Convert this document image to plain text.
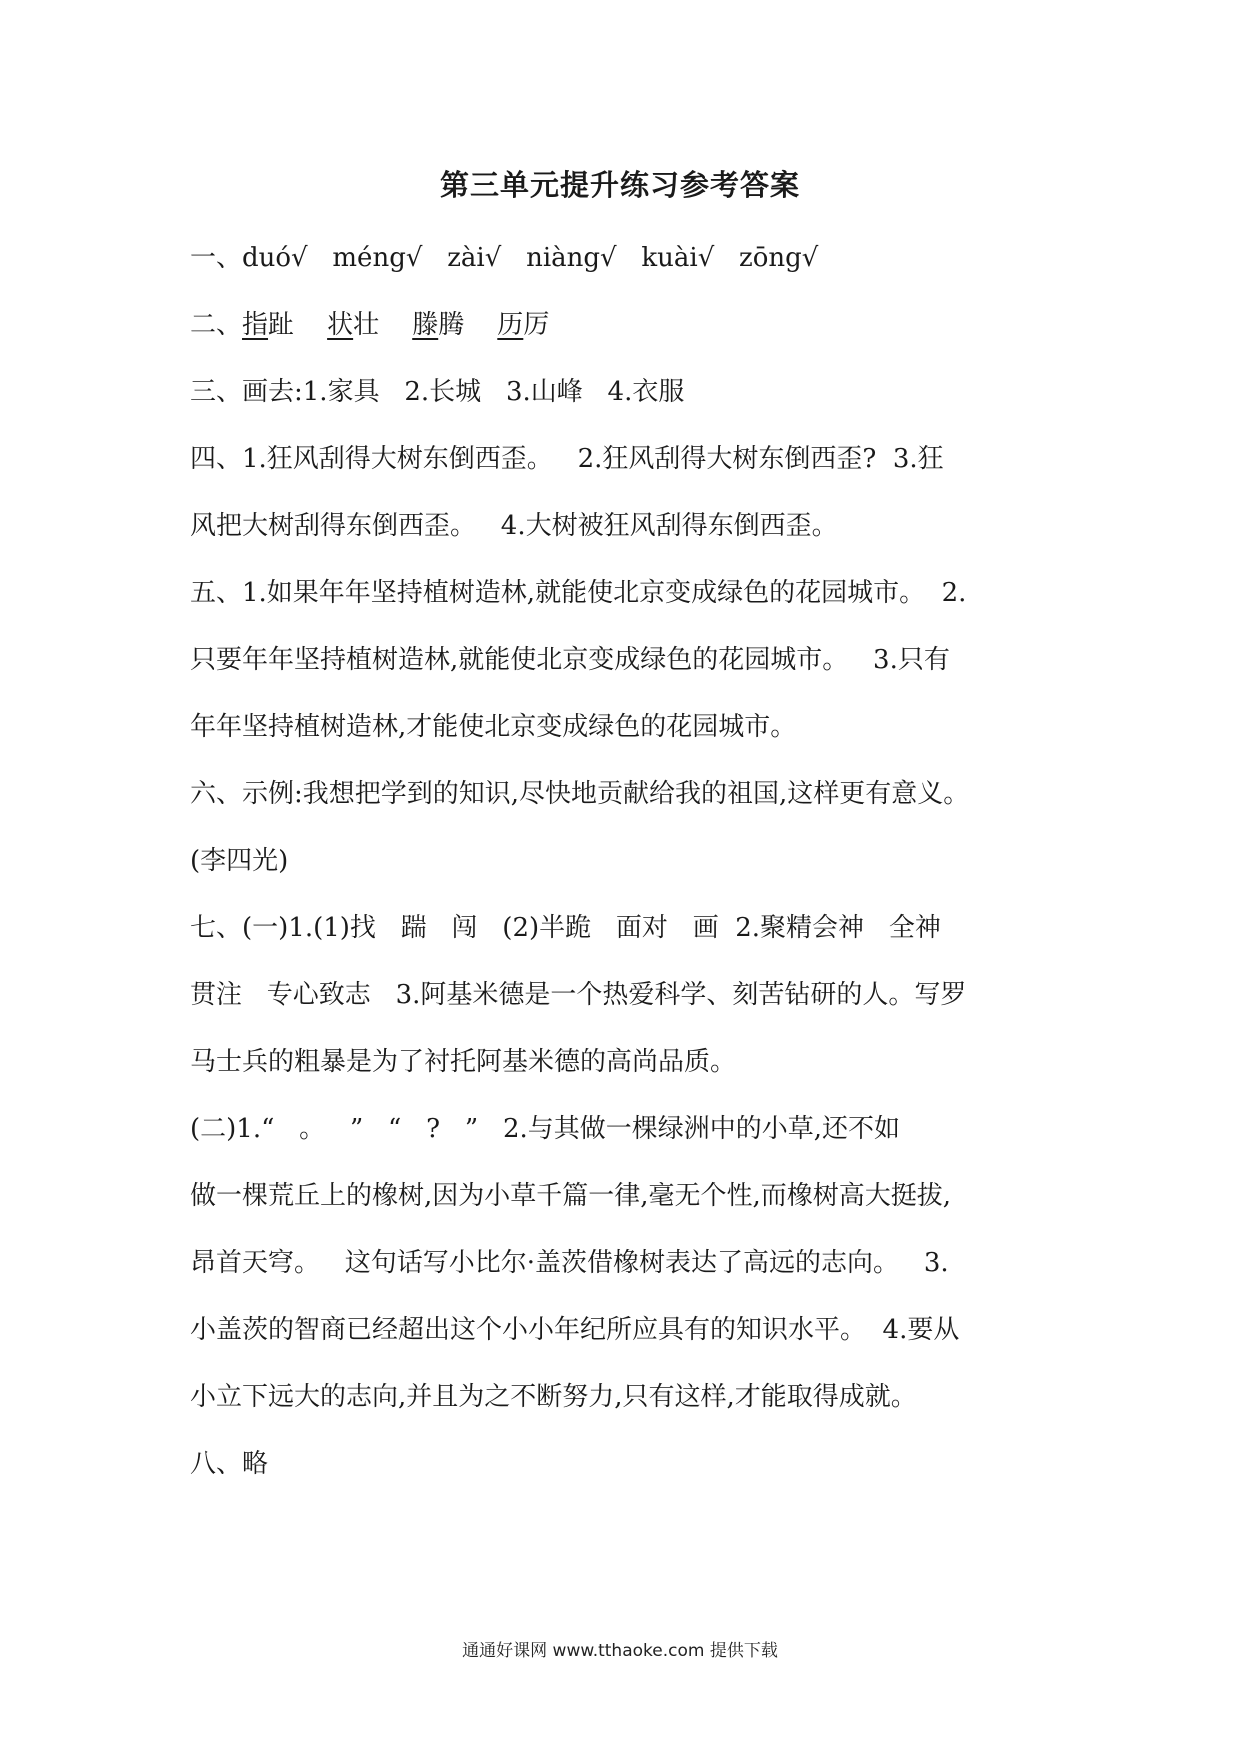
第三单元提升练习参考答案
一、duó√   méng√   zài√   niàng√   kuài√   zōng√
二、指趾 状壮 滕腾 历厉
三、画去:1.家具   2.长城   3.山峰   4.衣服
四、1.狂风刮得大树东倒西歪。   2.狂风刮得大树东倒西歪?  3.狂
风把大树刮得东倒西歪。   4.大树被狂风刮得东倒西歪。
五、1.如果年年坚持植树造林,就能使北京变成绿色的花园城市。  2.
只要年年坚持植树造林,就能使北京变成绿色的花园城市。   3.只有
年年坚持植树造林,才能使北京变成绿色的花园城市。
六、示例:我想把学到的知识,尽快地贡献给我的祖国,这样更有意义。
(李四光)
七、(一)1.(1)找   踹   闯   (2)半跪   面对   画  2.聚精会神   全神
贯注   专心致志   3.阿基米德是一个热爱科学、刻苦钻研的人。写罗
马士兵的粗暴是为了衬托阿基米德的高尚品质。
(二)1.“   。   ”   “   ?   ”   2.与其做一棵绿洲中的小草,还不如
做一棵荒丘上的橡树,因为小草千篇一律,毫无个性,而橡树高大挺拔,
昂首天穹。   这句话写小比尔·盖茨借橡树表达了高远的志向。   3.
小盖茨的智商已经超出这个小小年纪所应具有的知识水平。  4.要从
小立下远大的志向,并且为之不断努力,只有这样,才能取得成就。
八、略
通通好课网 www.tthaoke.com 提供下载
